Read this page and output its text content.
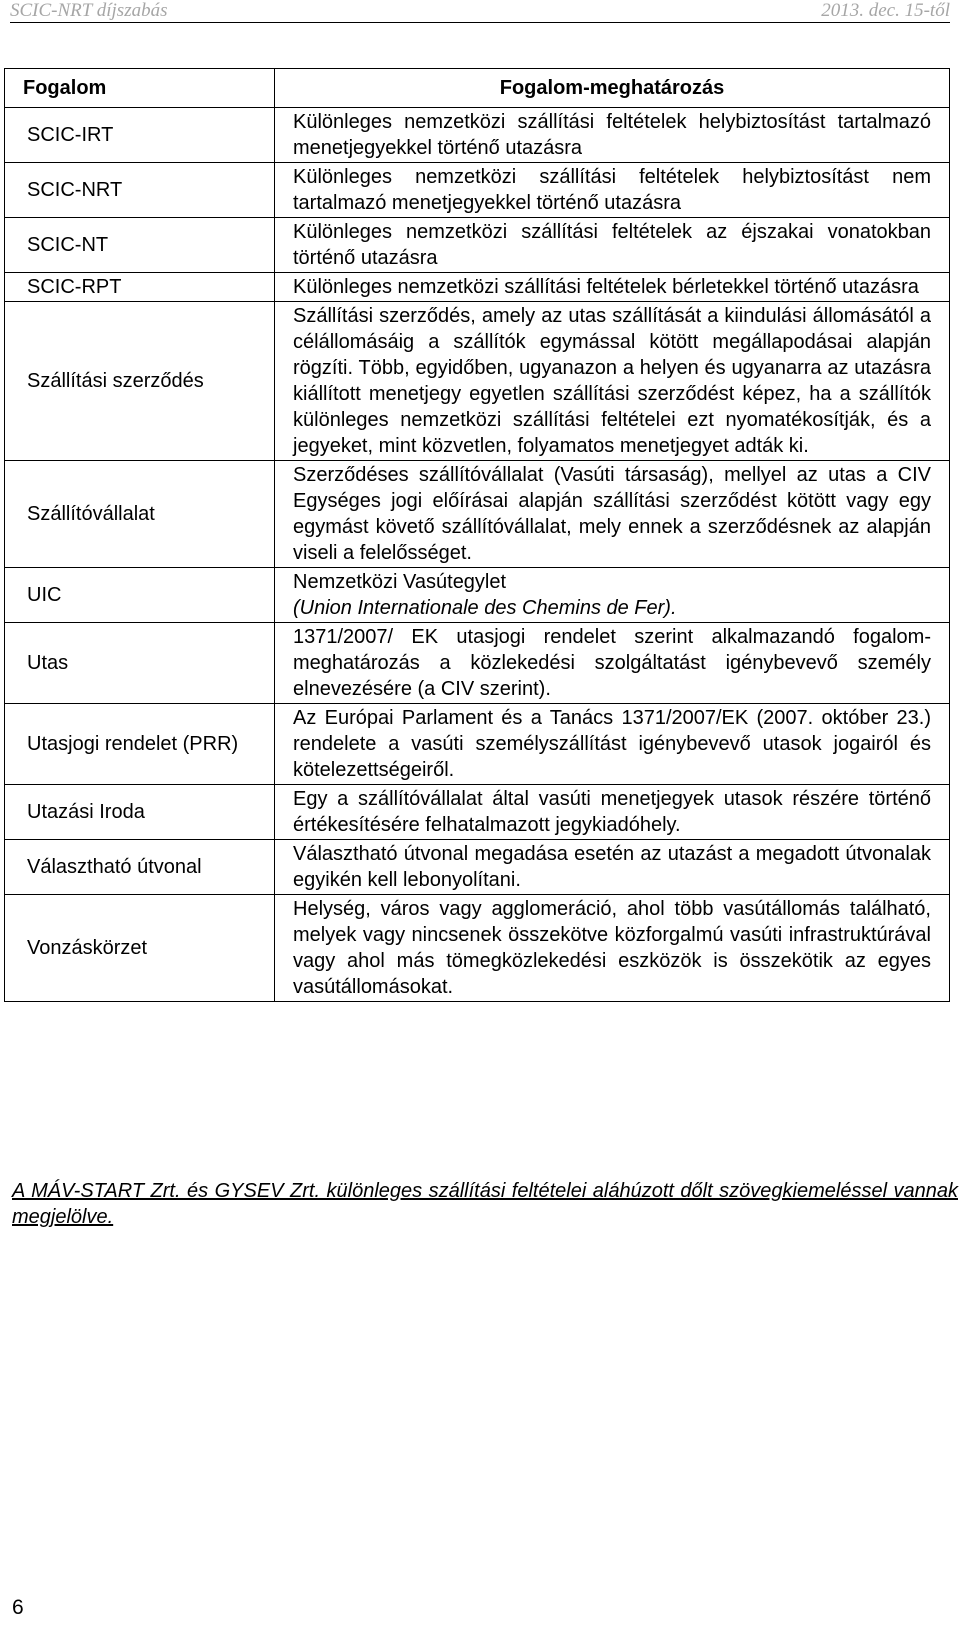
SCIC-NRT díjszabás	2013. dec. 15-től
Fogalom	Fogalom-meghatározás
SCIC-IRT	Különleges nemzetközi szállítási feltételek helybiztosítást tartalmazó menetjegyekkel történő utazásra
SCIC-NRT	Különleges nemzetközi szállítási feltételek helybiztosítást nem tartalmazó menetjegyekkel történő utazásra
SCIC-NT	Különleges nemzetközi szállítási feltételek az éjszakai vonatokban történő utazásra
SCIC-RPT	Különleges nemzetközi szállítási feltételek bérletekkel történő utazásra
Szállítási szerződés	Szállítási szerződés, amely az utas szállítását a kiindulási állomásától a célállomásáig a szállítók egymással kötött megállapodásai alapján rögzíti. Több, egyidőben, ugyanazon a helyen és ugyanarra az utazásra kiállított menetjegy egyetlen szállítási szerződést képez, ha a szállítók különleges nemzetközi szállítási feltételei ezt nyomatékosítják, és a jegyeket, mint közvetlen, folyamatos menetjegyet adták ki.
Szállítóvállalat	Szerződéses szállítóvállalat (Vasúti társaság), mellyel az utas a CIV Egységes jogi előírásai alapján szállítási szerződést kötött vagy egy egymást követő szállítóvállalat, mely ennek a szerződésnek az alapján viseli a felelősséget.
UIC	Nemzetközi Vasútegylet
(Union Internationale des Chemins de Fer).

Utas	1371/2007/ EK utasjogi rendelet szerint alkalmazandó fogalom-meghatározás a közlekedési szolgáltatást igénybevevő személy elnevezésére (a CIV szerint).
Utasjogi rendelet (PRR)	Az Európai Parlament és a Tanács 1371/2007/EK (2007. október 23.) rendelete a vasúti személyszállítást igénybevevő utasok jogairól és kötelezettségeiről.
Utazási Iroda	Egy a szállítóvállalat által vasúti menetjegyek utasok részére történő értékesítésére felhatalmazott jegykiadóhely.
Választható útvonal	Választható útvonal megadása esetén az utazást a megadott útvonalak egyikén kell lebonyolítani.
Vonzáskörzet	Helység, város vagy agglomeráció, ahol több vasútállomás található, melyek vagy nincsenek összekötve közforgalmú vasúti infrastruktúrával vagy ahol más tömegközlekedési eszközök is összekötik az egyes vasútállomásokat.
A MÁV-START Zrt. és GYSEV Zrt. különleges szállítási feltételei aláhúzott dőlt szövegkiemeléssel vannak megjelölve.
6
